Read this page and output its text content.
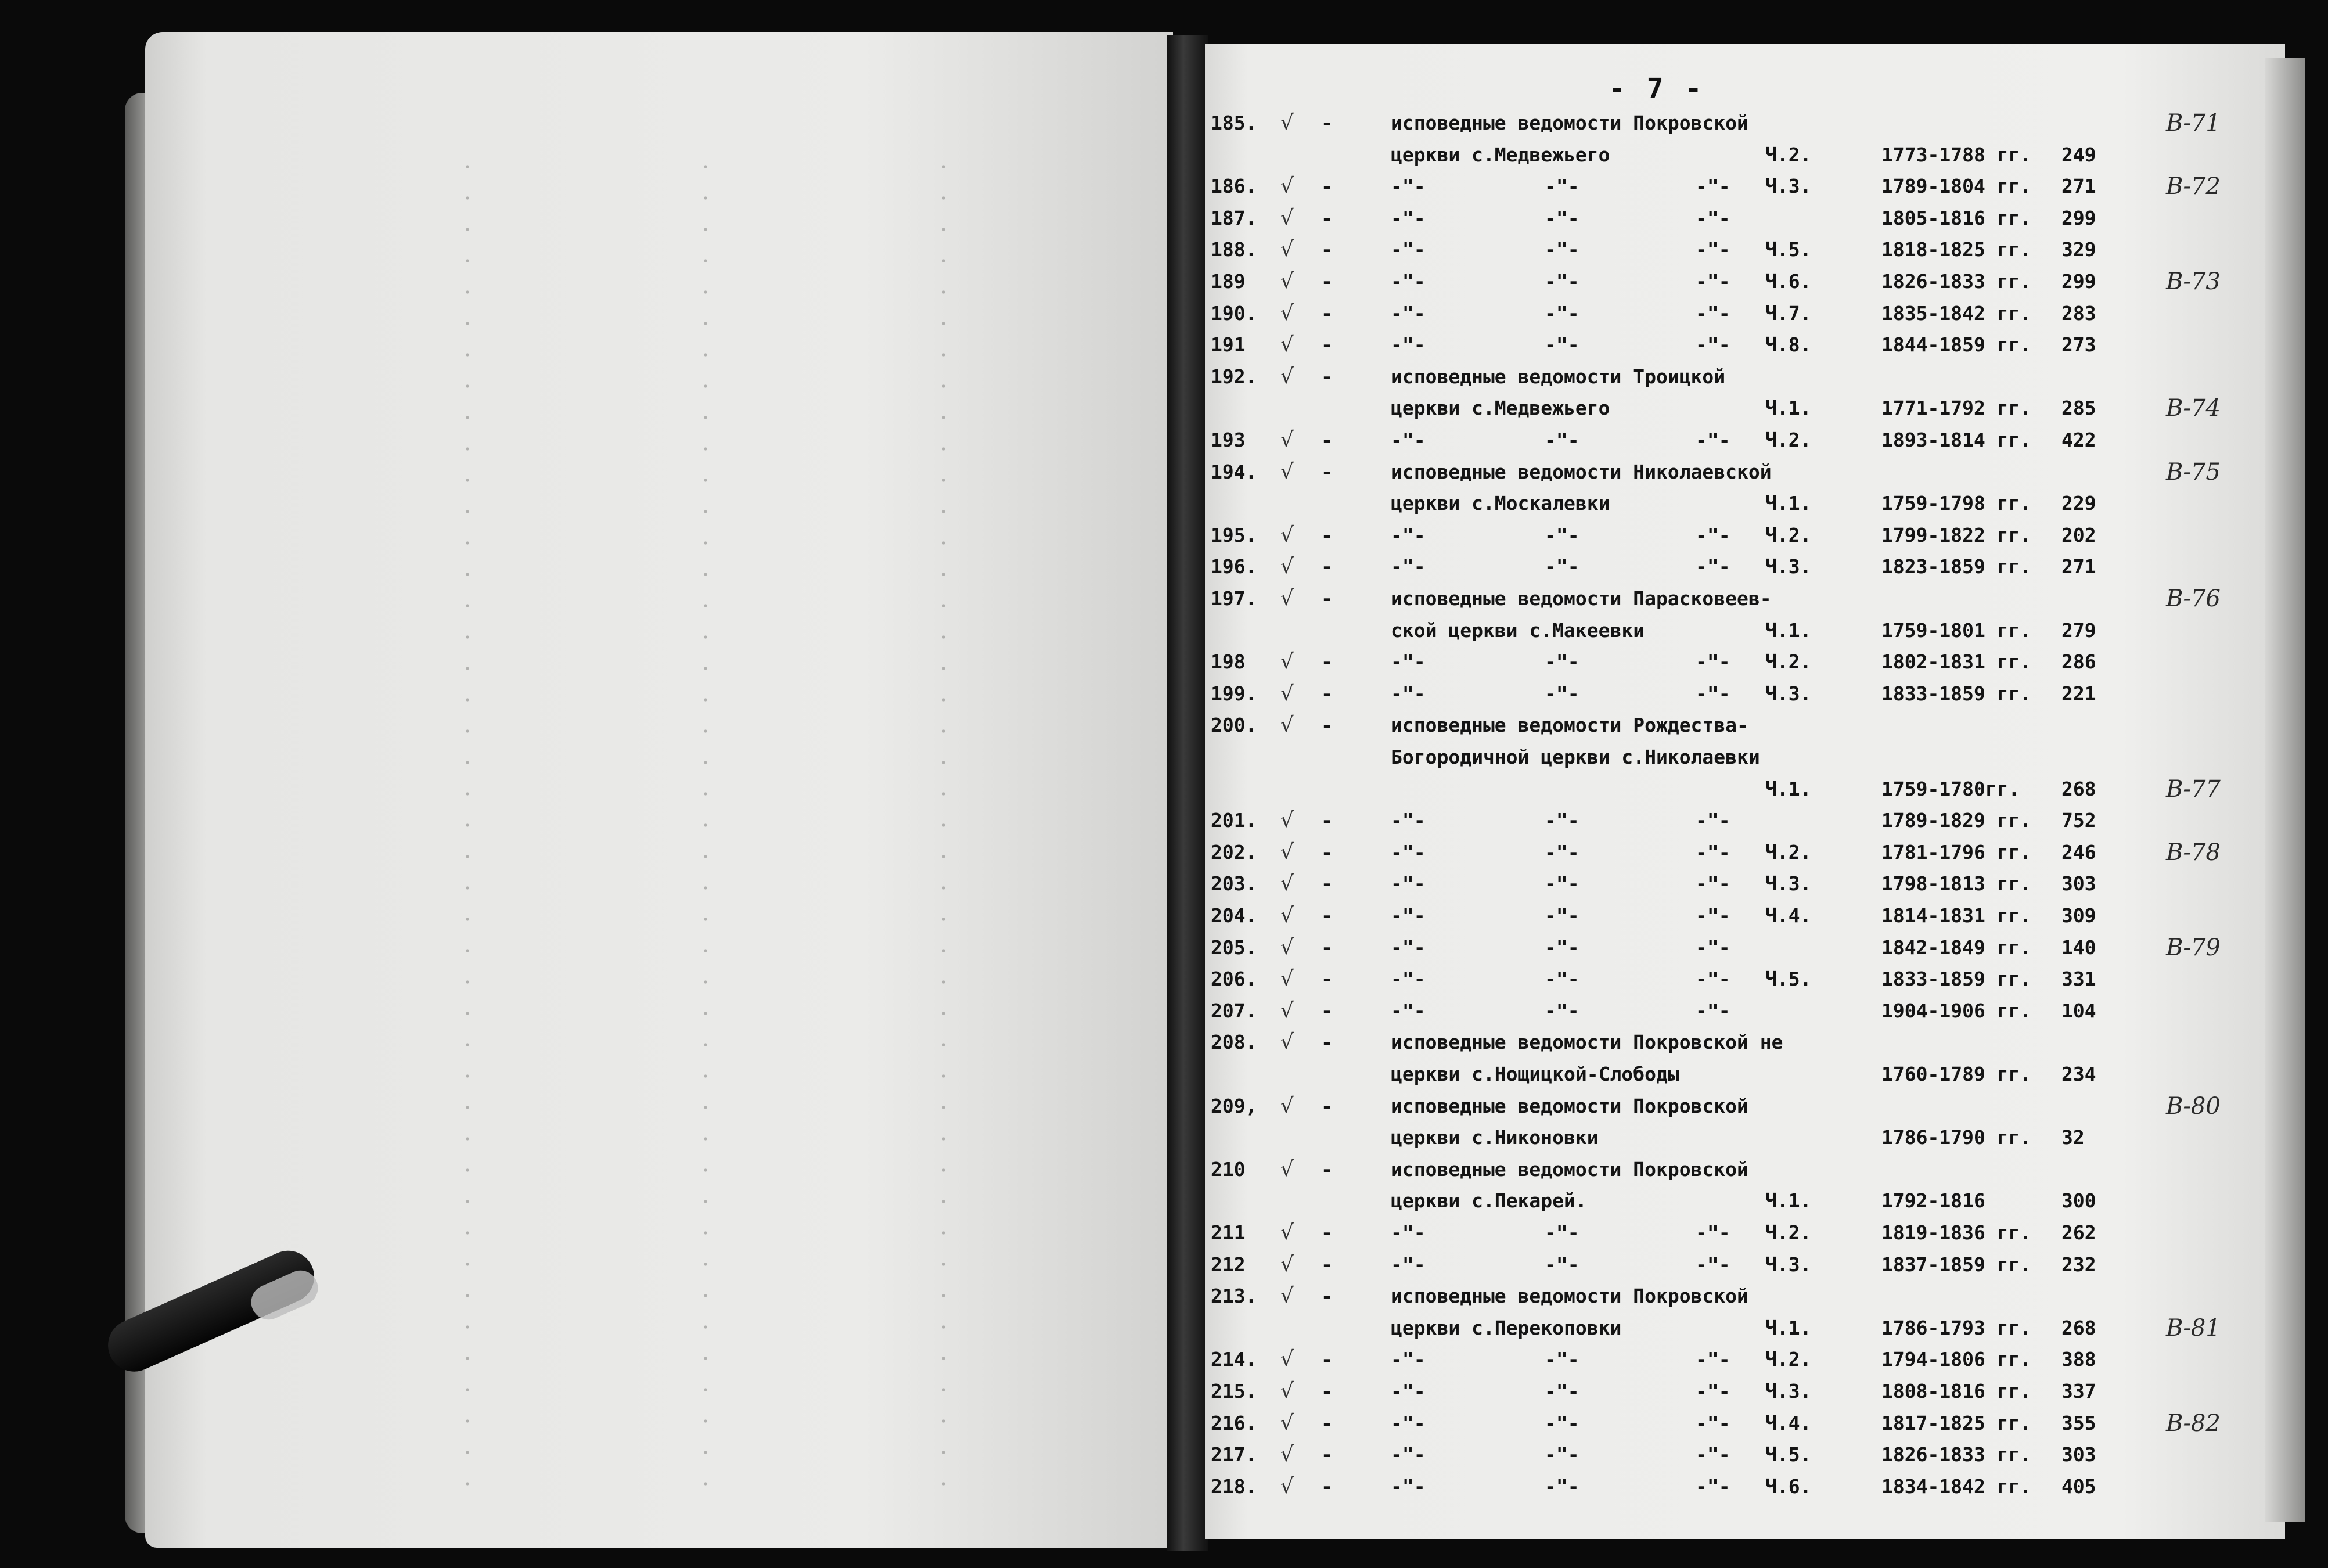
- 7 -
185. √ -	исповедные ведомости Покровской	В-71
церкви с.Медвежьего	Ч.2.	1773-1788 гг. 249
186. √ -	-"-	-"-	-"- Ч.3.	1789-1804 гг. 271	В-72
187. √ -	-"-	-"-	-"-	1805-1816 гг. 299
188. √ -	-"-	-"-	-"- Ч.5.	1818-1825 гг. 329
189 √ -	-"-	-"-	-"- Ч.6.	1826-1833 гг. 299	В-73
190. √ -	-"-	-"-	-"- Ч.7.	1835-1842 гг. 283
191 √ -	-"-	-"-	-"- Ч.8.	1844-1859 гг. 273
192. √ -	исповедные ведомости Троицкой
церкви с.Медвежьего	Ч.1.	1771-1792 гг. 285	В-74
193 √ -	-"-	-"-	-"- Ч.2.	1893-1814 гг. 422
194. √ -	исповедные ведомости Николаевской	В-75
церкви с.Москалевки	Ч.1.	1759-1798 гг. 229
195. √ -	-"-	-"-	-"- Ч.2.	1799-1822 гг. 202
196. √ -	-"-	-"-	-"- Ч.3.	1823-1859 гг. 271
197. √ -	исповедные ведомости Парасковеев-	В-76
ской церкви с.Макеевки	Ч.1.	1759-1801 гг. 279
198 √ -	-"-	-"-	-"- Ч.2.	1802-1831 гг. 286
199. √ -	-"-	-"-	-"- Ч.3.	1833-1859 гг. 221
200. √ -	исповедные ведомости Рождества-
Богородичной церкви с.Николаевки
Ч.1.	1759-1780гг. 268	В-77
201. √ -	-"-	-"-	-"-	1789-1829 гг. 752
202. √ -	-"-	-"-	-"- Ч.2.	1781-1796 гг. 246	В-78
203. √ -	-"-	-"-	-"- Ч.3.	1798-1813 гг. 303
204. √ -	-"-	-"-	-"- Ч.4.	1814-1831 гг. 309
205. √ -	-"-	-"-	-"-	1842-1849 гг. 140	В-79
206. √ -	-"-	-"-	-"- Ч.5.	1833-1859 гг. 331
207. √ -	-"-	-"-	-"-	1904-1906 гг. 104
208. √ -	исповедные ведомости Покровской не
церкви с.Нощицкой-Слободы	1760-1789 гг. 234
209, √ -	исповедные ведомости Покровской	В-80
церкви с.Никоновки	1786-1790 гг. 32
210 √ -	исповедные ведомости Покровской
церкви с.Пекарей.	Ч.1.	1792-1816	300
211 √ -	-"-	-"-	-"- Ч.2.	1819-1836 гг. 262
212 √ -	-"-	-"-	-"- Ч.3.	1837-1859 гг. 232
213. √ -	исповедные ведомости Покровской
церкви с.Перекоповки	Ч.1.	1786-1793 гг. 268	В-81
214. √ -	-"-	-"-	-"- Ч.2.	1794-1806 гг. 388
215. √ -	-"-	-"-	-"- Ч.3.	1808-1816 гг. 337
216. √ -	-"-	-"-	-"- Ч.4.	1817-1825 гг. 355	В-82
217. √ -	-"-	-"-	-"- Ч.5.	1826-1833 гг. 303
218. √ -	-"-	-"-	-"- Ч.6.	1834-1842 гг. 405
